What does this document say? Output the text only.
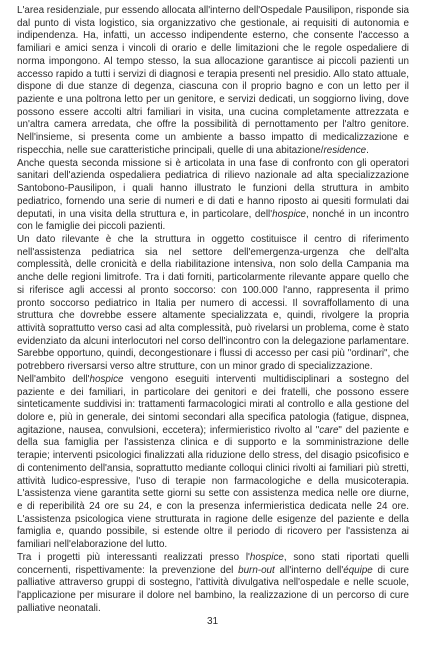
L'area residenziale, pur essendo allocata all'interno dell'Ospedale Pausilipon, risponde sia dal punto di vista logistico, sia organizzativo che gestionale, ai requisiti di autonomia e indipendenza. Ha, infatti, un accesso indipendente esterno, che consente l'accesso a familiari e amici senza i vincoli di orario e delle limitazioni che le regole ospedaliere di norma impongono. Al tempo stesso, la sua allocazione garantisce ai piccoli pazienti un accesso rapido a tutti i servizi di diagnosi e terapia presenti nel presidio. Allo stato attuale, dispone di due stanze di degenza, ciascuna con il proprio bagno e con un letto per il paziente e una poltrona letto per un genitore, e servizi dedicati, un soggiorno living, dove possono essere accolti altri familiari in visita, una cucina completamente attrezzata e un'altra camera arredata, che offre la possibilità di pernottamento per l'altro genitore. Nell'insieme, si presenta come un ambiente a basso impatto di medicalizzazione e rispecchia, nelle sue caratteristiche principali, quelle di una abitazione/residence.

Anche questa seconda missione si è articolata in una fase di confronto con gli operatori sanitari dell'azienda ospedaliera pediatrica di rilievo nazionale ad alta specializzazione Santobono-Pausilipon, i quali hanno illustrato le funzioni della struttura in ambito pediatrico, fornendo una serie di numeri e di dati e hanno riposto ai quesiti formulati dai deputati, in una visita della struttura e, in particolare, dell'hospice, nonché in un incontro con le famiglie dei piccoli pazienti.

Un dato rilevante è che la struttura in oggetto costituisce il centro di riferimento nell'assistenza pediatrica sia nel settore dell'emergenza-urgenza che dell'alta complessità, delle cronicità e della riabilitazione intensiva, non solo della Campania ma anche delle regioni limitrofe. Tra i dati forniti, particolarmente rilevante appare quello che si riferisce agli accessi al pronto soccorso: con 100.000 l'anno, rappresenta il primo pronto soccorso pediatrico in Italia per numero di accessi. Il sovraffollamento di una struttura che dovrebbe essere altamente specializzata e, quindi, rivolgere la propria attività soprattutto verso casi ad alta complessità, può rivelarsi un problema, come è stato evidenziato da alcuni interlocutori nel corso dell'incontro con la delegazione parlamentare. Sarebbe opportuno, quindi, decongestionare i flussi di accesso per casi più "ordinari", che potrebbero riversarsi verso altre strutture, con un minor grado di specializzazione.

Nell'ambito dell'hospice vengono eseguiti interventi multidisciplinari a sostegno del paziente e dei familiari, in particolare dei genitori e dei fratelli, che possono essere sinteticamente suddivisi in: trattamenti farmacologici mirati al controllo e alla gestione del dolore e, più in generale, dei sintomi secondari alla specifica patologia (fatigue, dispnea, agitazione, nausea, convulsioni, eccetera); infermieristico rivolto al "care" del paziente e della sua famiglia per l'assistenza clinica e di supporto e la somministrazione delle terapie; interventi psicologici finalizzati alla riduzione dello stress, del disagio psicofisico e di contenimento dell'ansia, soprattutto mediante colloqui clinici rivolti ai familiari più stretti, attività ludico-espressive, l'uso di terapie non farmacologiche e della musicoterapia. L'assistenza viene garantita sette giorni su sette con assistenza medica nelle ore diurne, e di reperibilità 24 ore su 24, e con la presenza infermieristica dedicata nelle 24 ore. L'assistenza psicologica viene strutturata in ragione delle esigenze del paziente e della famiglia e, quando possibile, si estende oltre il periodo di ricovero per l'assistenza ai familiari nell'elaborazione del lutto.

Tra i progetti più interessanti realizzati presso l'hospice, sono stati riportati quelli concernenti, rispettivamente: la prevenzione del burn-out all'interno dell'équipe di cure palliative attraverso gruppi di sostegno, l'attività divulgativa nell'ospedale e nelle scuole, l'applicazione per misurare il dolore nel bambino, la realizzazione di un percorso di cure palliative neonatali.

31
